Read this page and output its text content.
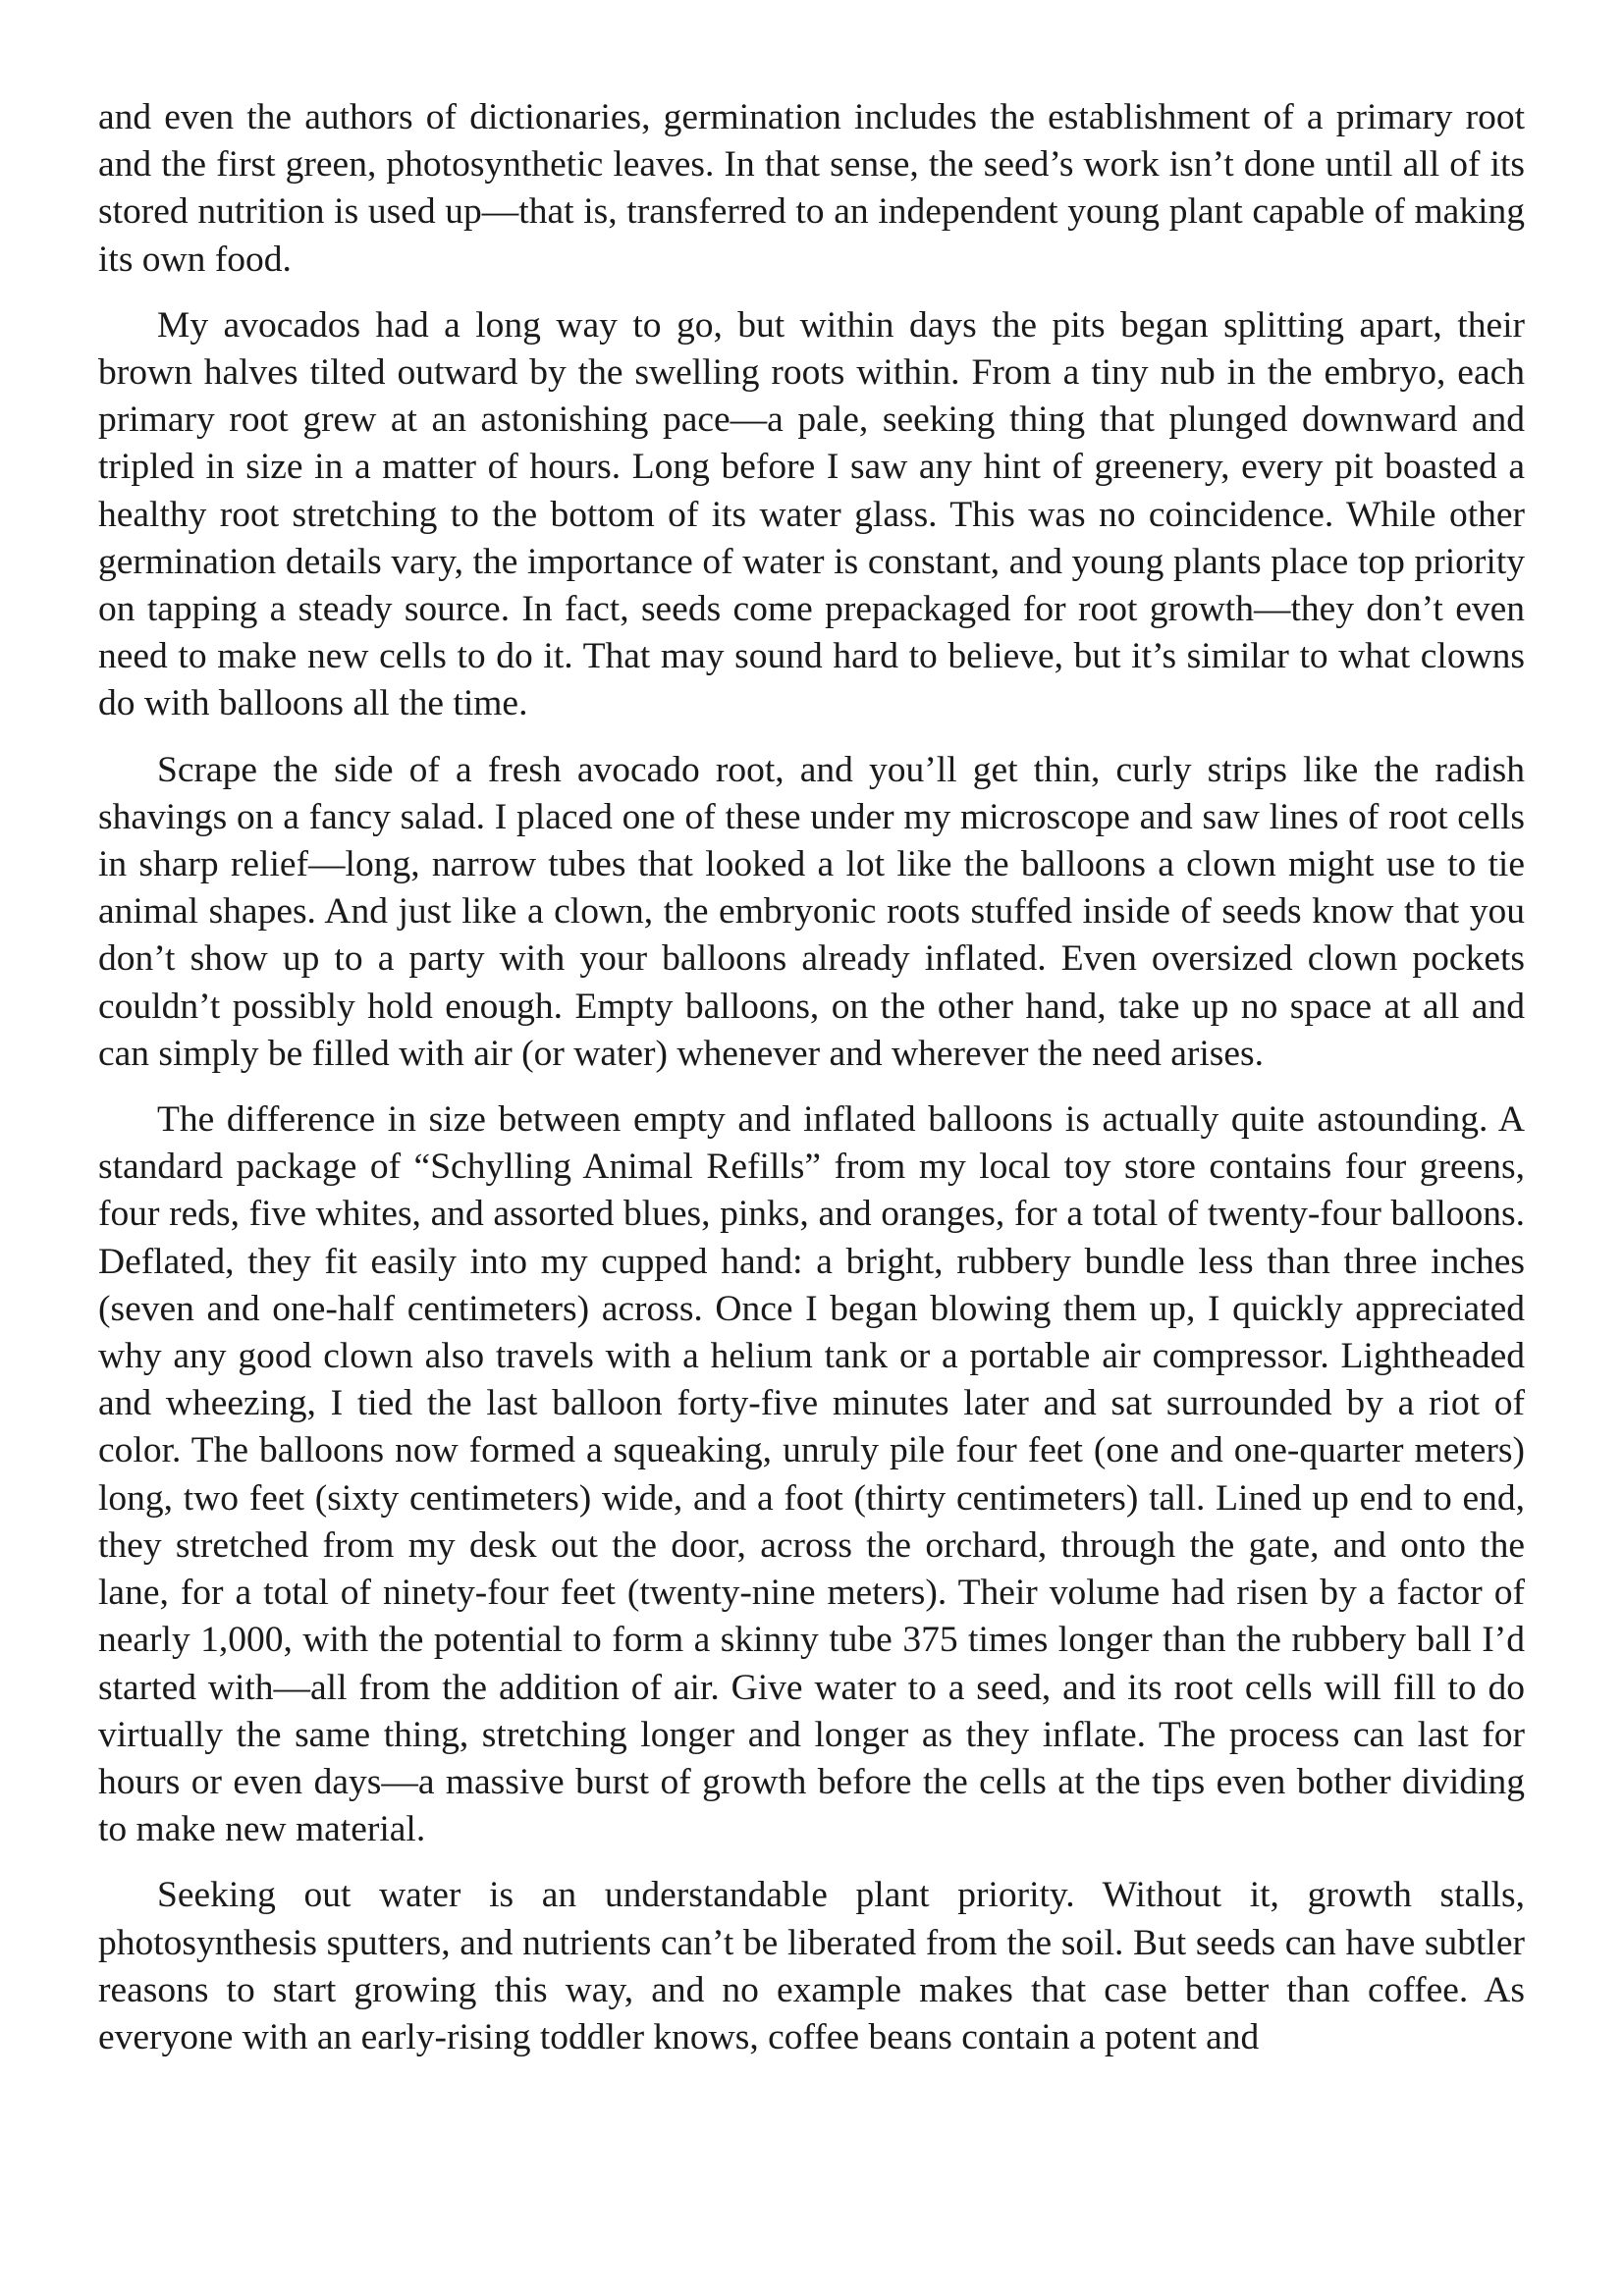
and even the authors of dictionaries, germination includes the establishment of a primary root and the first green, photosynthetic leaves. In that sense, the seed’s work isn’t done until all of its stored nutrition is used up—that is, transferred to an independent young plant capable of making its own food.

My avocados had a long way to go, but within days the pits began splitting apart, their brown halves tilted outward by the swelling roots within. From a tiny nub in the embryo, each primary root grew at an astonishing pace—a pale, seeking thing that plunged downward and tripled in size in a matter of hours. Long before I saw any hint of greenery, every pit boasted a healthy root stretching to the bottom of its water glass. This was no coincidence. While other germination details vary, the importance of water is constant, and young plants place top priority on tapping a steady source. In fact, seeds come prepackaged for root growth—they don’t even need to make new cells to do it. That may sound hard to believe, but it’s similar to what clowns do with balloons all the time.

Scrape the side of a fresh avocado root, and you’ll get thin, curly strips like the radish shavings on a fancy salad. I placed one of these under my microscope and saw lines of root cells in sharp relief—long, narrow tubes that looked a lot like the balloons a clown might use to tie animal shapes. And just like a clown, the embryonic roots stuffed inside of seeds know that you don’t show up to a party with your balloons already inflated. Even oversized clown pockets couldn’t possibly hold enough. Empty balloons, on the other hand, take up no space at all and can simply be filled with air (or water) whenever and wherever the need arises.

The difference in size between empty and inflated balloons is actually quite astounding. A standard package of “Schylling Animal Refills” from my local toy store contains four greens, four reds, five whites, and assorted blues, pinks, and oranges, for a total of twenty-four balloons. Deflated, they fit easily into my cupped hand: a bright, rubbery bundle less than three inches (seven and one-half centimeters) across. Once I began blowing them up, I quickly appreciated why any good clown also travels with a helium tank or a portable air compressor. Lightheaded and wheezing, I tied the last balloon forty-five minutes later and sat surrounded by a riot of color. The balloons now formed a squeaking, unruly pile four feet (one and one-quarter meters) long, two feet (sixty centimeters) wide, and a foot (thirty centimeters) tall. Lined up end to end, they stretched from my desk out the door, across the orchard, through the gate, and onto the lane, for a total of ninety-four feet (twenty-nine meters). Their volume had risen by a factor of nearly 1,000, with the potential to form a skinny tube 375 times longer than the rubbery ball I’d started with—all from the addition of air. Give water to a seed, and its root cells will fill to do virtually the same thing, stretching longer and longer as they inflate. The process can last for hours or even days—a massive burst of growth before the cells at the tips even bother dividing to make new material.

Seeking out water is an understandable plant priority. Without it, growth stalls, photosynthesis sputters, and nutrients can’t be liberated from the soil. But seeds can have subtler reasons to start growing this way, and no example makes that case better than coffee. As everyone with an early-rising toddler knows, coffee beans contain a potent and
